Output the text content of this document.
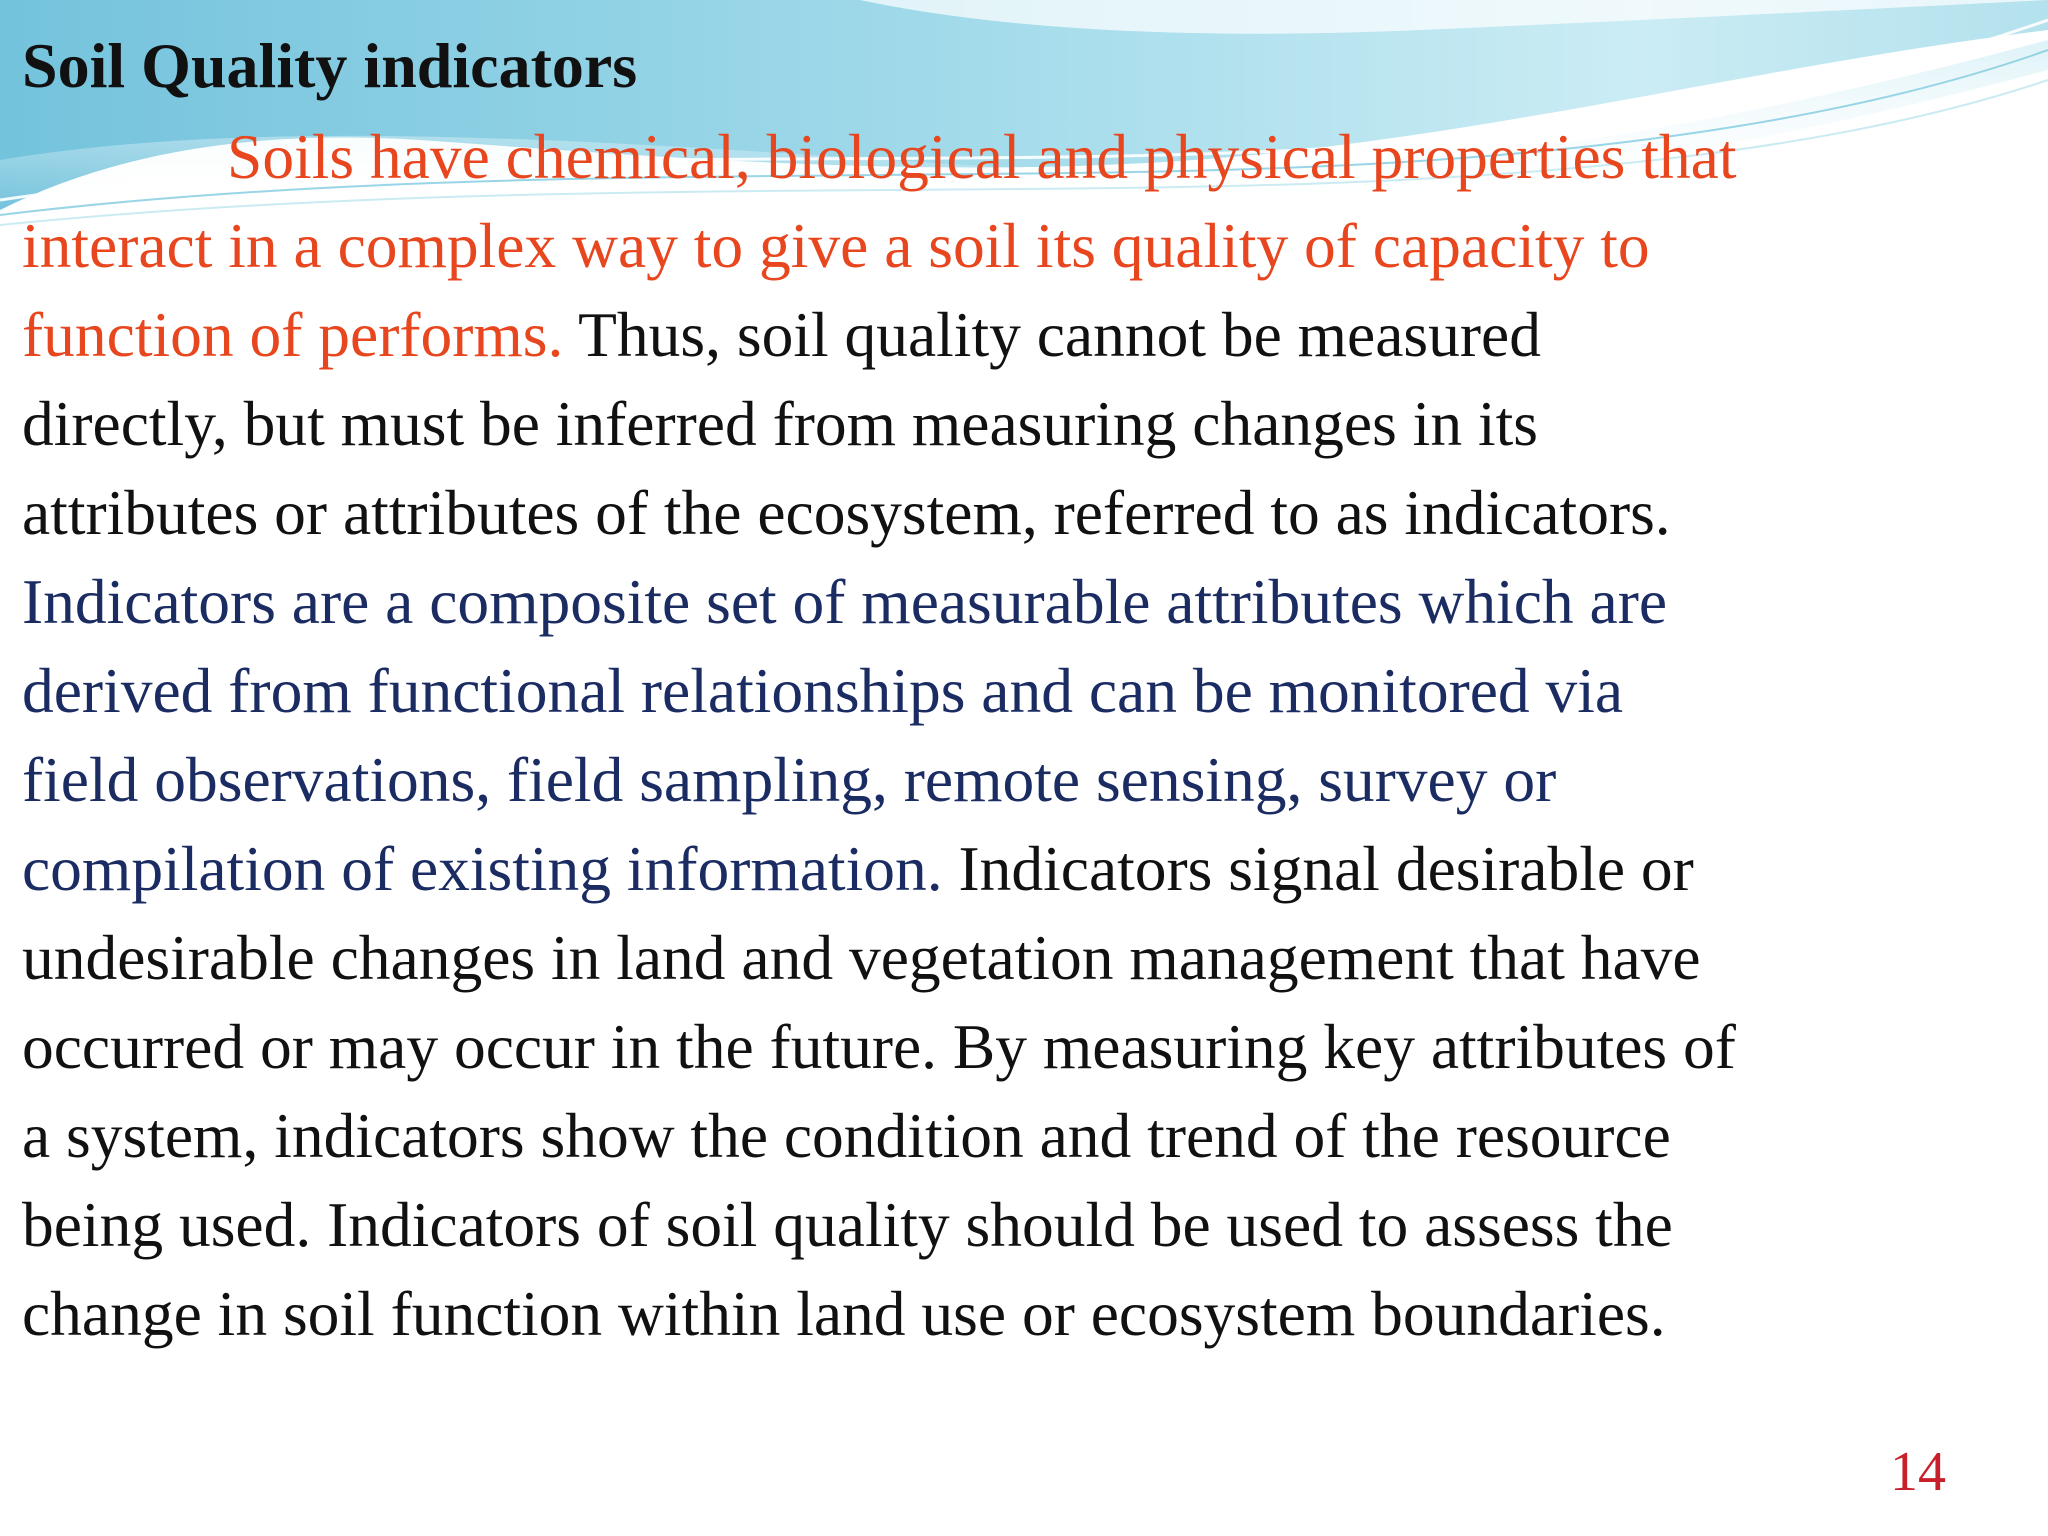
Soil Quality indicators
Soils have chemical, biological and physical properties that
interact in a complex way to give a soil its quality of capacity to
function of performs. Thus, soil quality cannot be measured
directly, but must be inferred from measuring changes in its
attributes or attributes of the ecosystem, referred to as indicators.
Indicators are a composite set of measurable attributes which are
derived from functional relationships and can be monitored via
field observations, field sampling, remote sensing, survey or
compilation of existing information. Indicators signal desirable or
undesirable changes in land and vegetation management that have
occurred or may occur in the future. By measuring key attributes of
a system, indicators show the condition and trend of the resource
being used. Indicators of soil quality should be used to assess the
change in soil function within land use or ecosystem boundaries.
14
